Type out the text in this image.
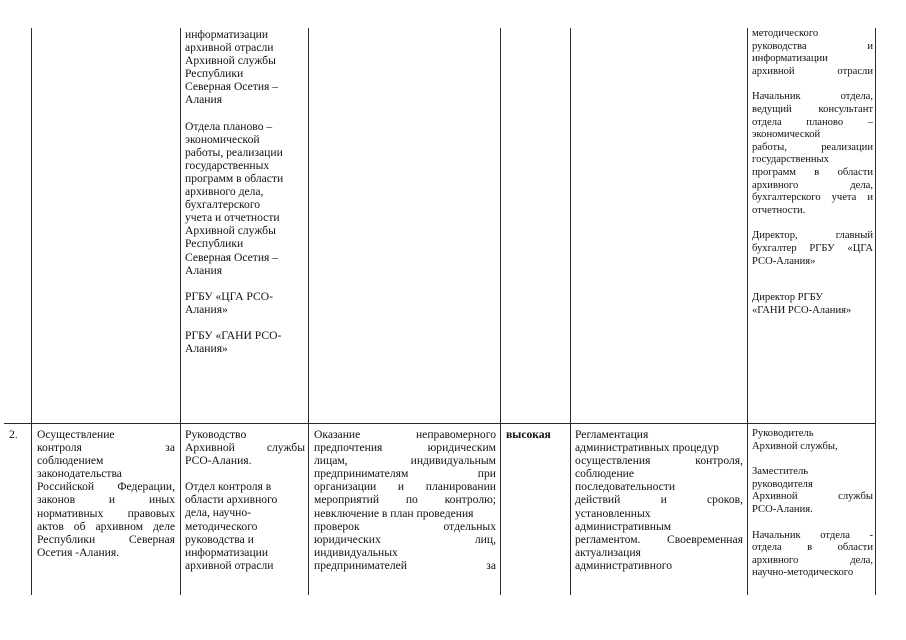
информатизации
архивной отрасли
Архивной службы
Республики
Северная Осетия –
Алания
Отдела планово –
экономической
работы, реализации
государственных
программ в области
архивного дела,
бухгалтерского
учета и отчетности
Архивной службы
Республики
Северная Осетия –
Алания
РГБУ «ЦГА РСО-
Алания»
РГБУ «ГАНИ РСО-
Алания»
методического
руководства и
информатизации
архивной отрасли
Начальник отдела,
ведущий консультант
отдела планово –
экономической
работы, реализации
государственных
программ в области
архивного дела,
бухгалтерского учета и
отчетности.
Директор, главный
бухгалтер РГБУ «ЦГА
РСО-Алания»
Директор РГБУ
«ГАНИ РСО-Алания»
2.	Осуществление
контроля за
соблюдением
законодательства
Российской Федерации,
законов и иных
нормативных правовых
актов об архивном деле
Республики Северная
Осетия -Алания.
Руководство
Архивной службы
РСО-Алания.
Отдел контроля в
области архивного
дела, научно-
методического
руководства и
информатизации
архивной отрасли
Оказание неправомерного
предпочтения юридическим
лицам, индивидуальным
предпринимателям при
организации и планировании
мероприятий по контролю;
невключение в план проведения
проверок отдельных
юридических лиц,
индивидуальных
предпринимателей за
высокая	Регламентация
административных процедур
осуществления контроля,
соблюдение
последовательности
действий и сроков,
установленных
административным
регламентом. Своевременная
актуализация
административного
Руководитель
Архивной службы,
Заместитель
руководителя
Архивной службы
РСО-Алания.
Начальник отдела -
отдела в области
архивного дела,
научно-методического
